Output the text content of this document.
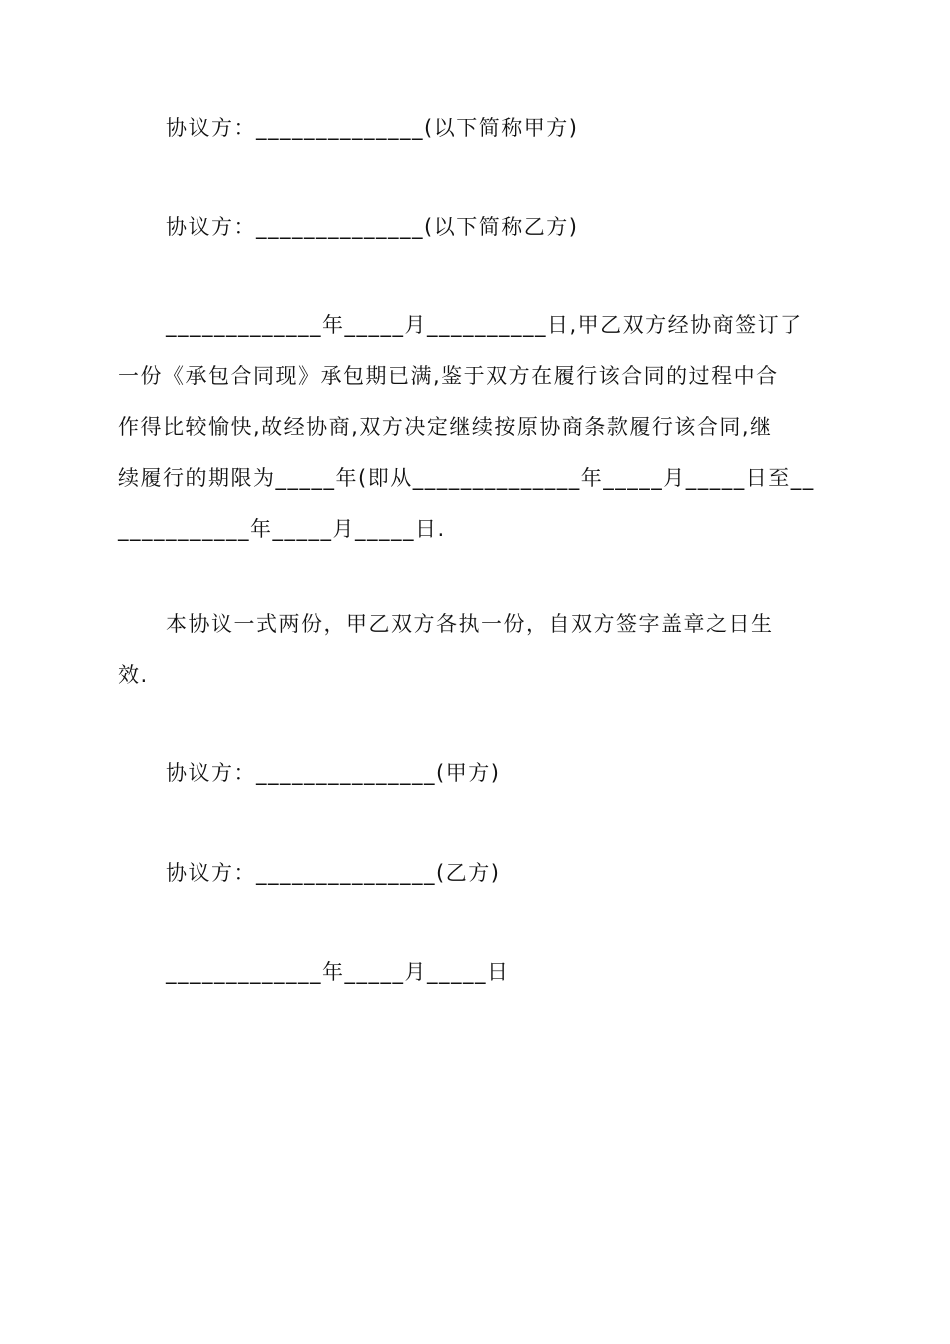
协议方：______________(以下简称甲方)
协议方：______________(以下简称乙方)
_____________年_____月__________日,甲乙双方经协商签订了
一份《承包合同现》承包期已满,鉴于双方在履行该合同的过程中合
作得比较愉快,故经协商,双方决定继续按原协商条款履行该合同,继
续履行的期限为_____年(即从______________年_____月_____日至__
___________年_____月_____日.
本协议一式两份，甲乙双方各执一份，自双方签字盖章之日生
效.
协议方：_______________(甲方)
协议方：_______________(乙方)
_____________年_____月_____日
